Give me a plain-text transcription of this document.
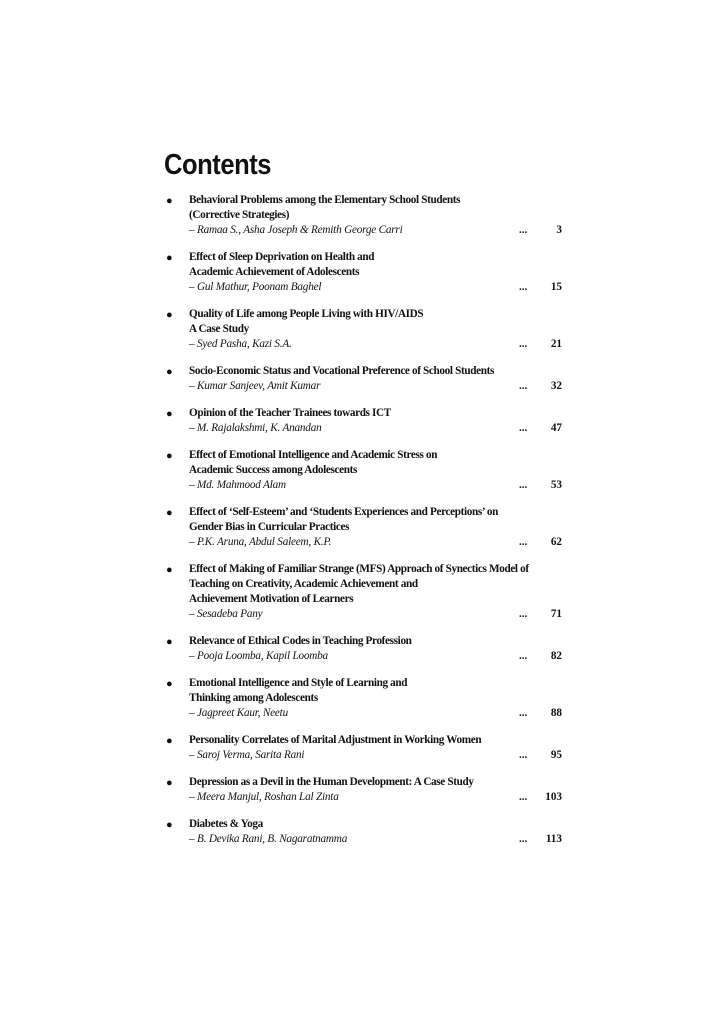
Contents
● Behavioral Problems among the Elementary School Students
(Corrective Strategies)
– Ramaa S., Asha Joseph & Remith George Carri	...	3
● Effect of Sleep Deprivation on Health and
Academic Achievement of Adolescents
– Gul Mathur, Poonam Baghel	... 15
● Quality of Life among People Living with HIV/AIDS
A Case Study
– Syed Pasha, Kazi S.A.	... 21
● Socio-Economic Status and Vocational Preference of School Students
– Kumar Sanjeev, Amit Kumar	... 32
● Opinion of the Teacher Trainees towards ICT
– M. Rajalakshmi, K. Anandan	... 47
● Effect of Emotional Intelligence and Academic Stress on
Academic Success among Adolescents
– Md. Mahmood Alam	... 53
● Effect of ‘Self-Esteem’ and ‘Students Experiences and Perceptions’ on
Gender Bias in Curricular Practices
– P.K. Aruna, Abdul Saleem, K.P.	... 62
● Effect of Making of Familiar Strange (MFS) Approach of Synectics Model of
Teaching on Creativity, Academic Achievement and
Achievement Motivation of Learners
– Sesadeba Pany	... 71
● Relevance of Ethical Codes in Teaching Profession
– Pooja Loomba, Kapil Loomba	... 82
● Emotional Intelligence and Style of Learning and
Thinking among Adolescents
– Jagpreet Kaur, Neetu	... 88
● Personality Correlates of Marital Adjustment in Working Women
– Saroj Verma, Sarita Rani	... 95
● Depression as a Devil in the Human Development: A Case Study
– Meera Manjul, Roshan Lal Zinta	... 103
● Diabetes & Yoga
– B. Devika Rani, B. Nagaratnamma	... 113
